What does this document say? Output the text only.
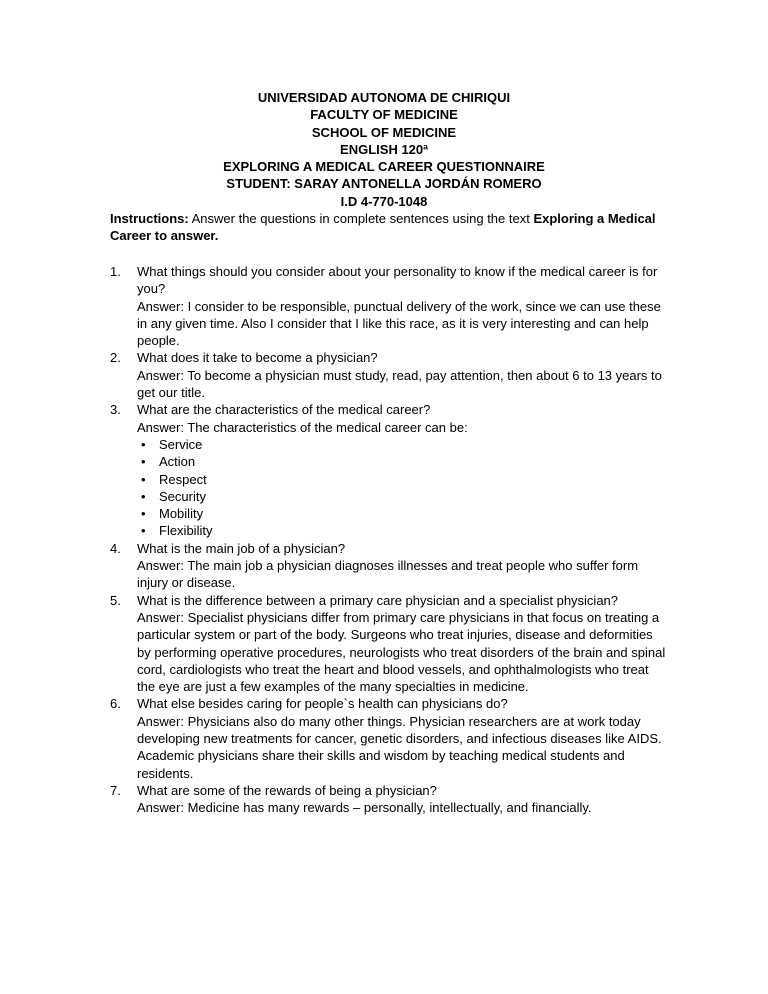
UNIVERSIDAD AUTONOMA DE CHIRIQUI
FACULTY OF MEDICINE
SCHOOL OF MEDICINE
ENGLISH 120ª
EXPLORING A MEDICAL CAREER QUESTIONNAIRE
STUDENT: SARAY ANTONELLA JORDÁN ROMERO
I.D 4-770-1048
Instructions: Answer the questions in complete sentences using the text Exploring a Medical Career to answer.
1. What things should you consider about your personality to know if the medical career is for you?
Answer: I consider to be responsible, punctual delivery of the work, since we can use these in any given time. Also I consider that I like this race, as it is very interesting and can help people.
2. What does it take to become a physician?
Answer: To become a physician must study, read, pay attention, then about 6 to 13 years to get our title.
3. What are the characteristics of the medical career?
Answer: The characteristics of the medical career can be:
• Service
• Action
• Respect
• Security
• Mobility
• Flexibility
4. What is the main job of a physician?
Answer: The main job a physician diagnoses illnesses and treat people who suffer form injury or disease.
5. What is the difference between a primary care physician and a specialist physician?
Answer: Specialist physicians differ from primary care physicians in that focus on treating a particular system or part of the body. Surgeons who treat injuries, disease and deformities by performing operative procedures, neurologists who treat disorders of the brain and spinal cord, cardiologists who treat the heart and blood vessels, and ophthalmologists who treat the eye are just a few examples of the many specialties in medicine.
6. What else besides caring for people`s health can physicians do?
Answer: Physicians also do many other things. Physician researchers are at work today developing new treatments for cancer, genetic disorders, and infectious diseases like AIDS. Academic physicians share their skills and wisdom by teaching medical students and residents.
7. What are some of the rewards of being a physician?
Answer: Medicine has many rewards – personally, intellectually, and financially.
